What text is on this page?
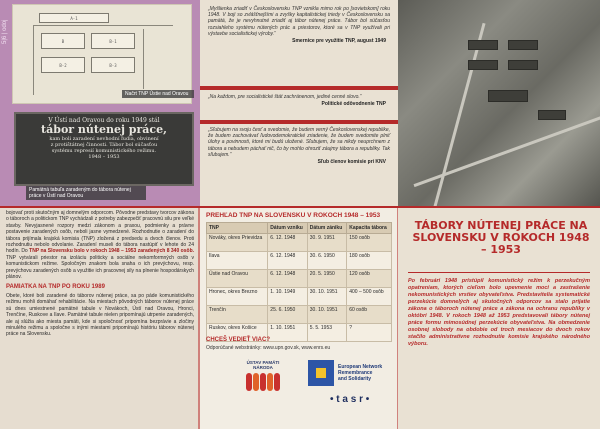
5|6 | odoj
A-1
B	B-1
B-2	B-3
Načrt TNP Ústie nad Oravou
V Ústí nad Oravou do roku 1949 stál
tábor nútenej práce,
kam boli zaradení nevhodní ľudia, obvinení
z protištátnej činnosti. Tábor bol súčasťou
systému represií komunistického režimu.
1948 – 1953
Pamätná tabuľa zaradeným do tábora nútenej práce v Ústí nad Oravou
„Myšlienka zriadiť v Československu TNP vznikla mimo rok po [sovietskom] roku 1948. V boji so zvlášťnejšími a zvyšky kapitalistickej triedy v Československu sa pamätá, že je nevyhnutné zriadiť aj tábor nútenej práce. Tábor bol súčasťou rozsiahleho systému nútených prác a priestorov, ktoré sa v TNP využívali pri výstavbe socialistickej výroby.“
Smernice pre využitie TNP, august 1949
„Na každom, pre socialistické štát zachránenom, jediné cenné slovo.“
Politické odôvodnenie TNP
„Sľubujem na svoju česť a svedomie, že budem verný Československej republike, že budem zachovávať ľudovodemokratické zriadenie, že budem svedomite plniť úlohy a povinnosti, ktoré mi budú uložené. Sľubujem, že sa nikdy neuprchnem z tábora a nebudem páchať nič, čo by mohlo ohroziť záujmy tábora a republiky. Tak sľubujem.“
Sľub členov komisie pri KNV
bojovať proti skutočným aj domnelým odporcom. Pôvodne predstavy tvorcov zákona o táboroch a politickom TNP vychádzali z potreby zabezpečiť pracovnú silu pre veľké stavby. Nevyjasnené rozpory medzi zákonom a praxou, podmienky a právne postavenie zaradených osôb, neboli jasne vymedzené. Rozhodnutie o zaradení do tábora prijímala krajská komisia (TNP) zložená z predsedu a dvoch členov. Proti rozhodnutiu nebolo odvolanie. Zaradení museli do tábora nastúpiť v lehote do 24 hodín. Do TNP na Slovensku bolo v rokoch 1948 – 1953 zaradených 8 340 osôb. TNP vytvárali priestor na izoláciu politicky a sociálne nekomformných osôb v komunistickom režime. Spoločným znakom bola snaha o ich prevýchovu, resp. prevýchovu zaradených osôb a využitie ich pracovnej sily na plnenie hospodárskych plánov.
PAMIATKA NA TNP PO ROKU 1989
Obete, ktoré boli zaradené do táborov nútenej práce, sa po páde komunistického režimu mohli domáhať rehabilitácie. Na miestach pôvodných táborov nútenej práce sú dnes umiestnené pamätné tabule v Novákoch, Ústí nad Oravou, Hronci, Trenčíne, Ruskove a Ilave. Pamätné tabule nielen pripomínajú utrpenie zaradených, ale aj slúžia ako miesta pamäti, kde si spoločnosť pripomína bezprávie a zločiny minulého režimu a spoločne s inými miestami pripomínajú históriu táborov nútenej práce na Slovensku.
PREHĽAD TNP NA SLOVENSKU V ROKOCH 1948 – 1953
TNP	Dátum vzniku	Dátum zániku	Kapacita tábora
Nováky, okres Prievidza	6. 12. 1948	30. 9. 1951	150 osôb
Ilava	6. 12. 1948	30. 6. 1950	180 osôb
Ústie nad Oravou	6. 12. 1948	20. 5. 1950	120 osôb
Hronec, okres Brezno	1. 10. 1949	30. 10. 1951	400 – 500 osôb
Trenčín	25. 6. 1950	30. 10. 1951	60 osôb
Ruskov, okres Košice	1. 10. 1951	5. 5. 1953	?
CHCEŠ VEDIEŤ VIAC?
Odporúčané webstránky: www.upn.gov.sk, www.enrs.eu
ÚSTAV PAMÄTI NÁRODA	European Network
Remembrance
and Solidarity
• t a s r •
TÁBORY NÚTENEJ PRÁCE NA SLOVENSKU V ROKOCH 1948 – 1953
Po februári 1948 prístúpil komunistický režim k perzekučným opatreniam, ktorých cieľom bolo upevnenie moci a zastrašenie nekomunistických vrstiev obyvateľstva. Predstavitelia systematické perzekúcie domnelých aj skutočných odporcov sa stalo prijatie zákona o táboroch nútenej práce a zákona na ochranu republiky v októbri 1948. V rokoch 1948 až 1953 predstavovali tábory nútenej práce formu mimosúdnej perzekúcie obyvateľstva. Na obmedzenie osobnej slobody na obdobie od troch mesiacov do dvoch rokov stačilo administratívne rozhodnutie komisie krajského národného výboru.
